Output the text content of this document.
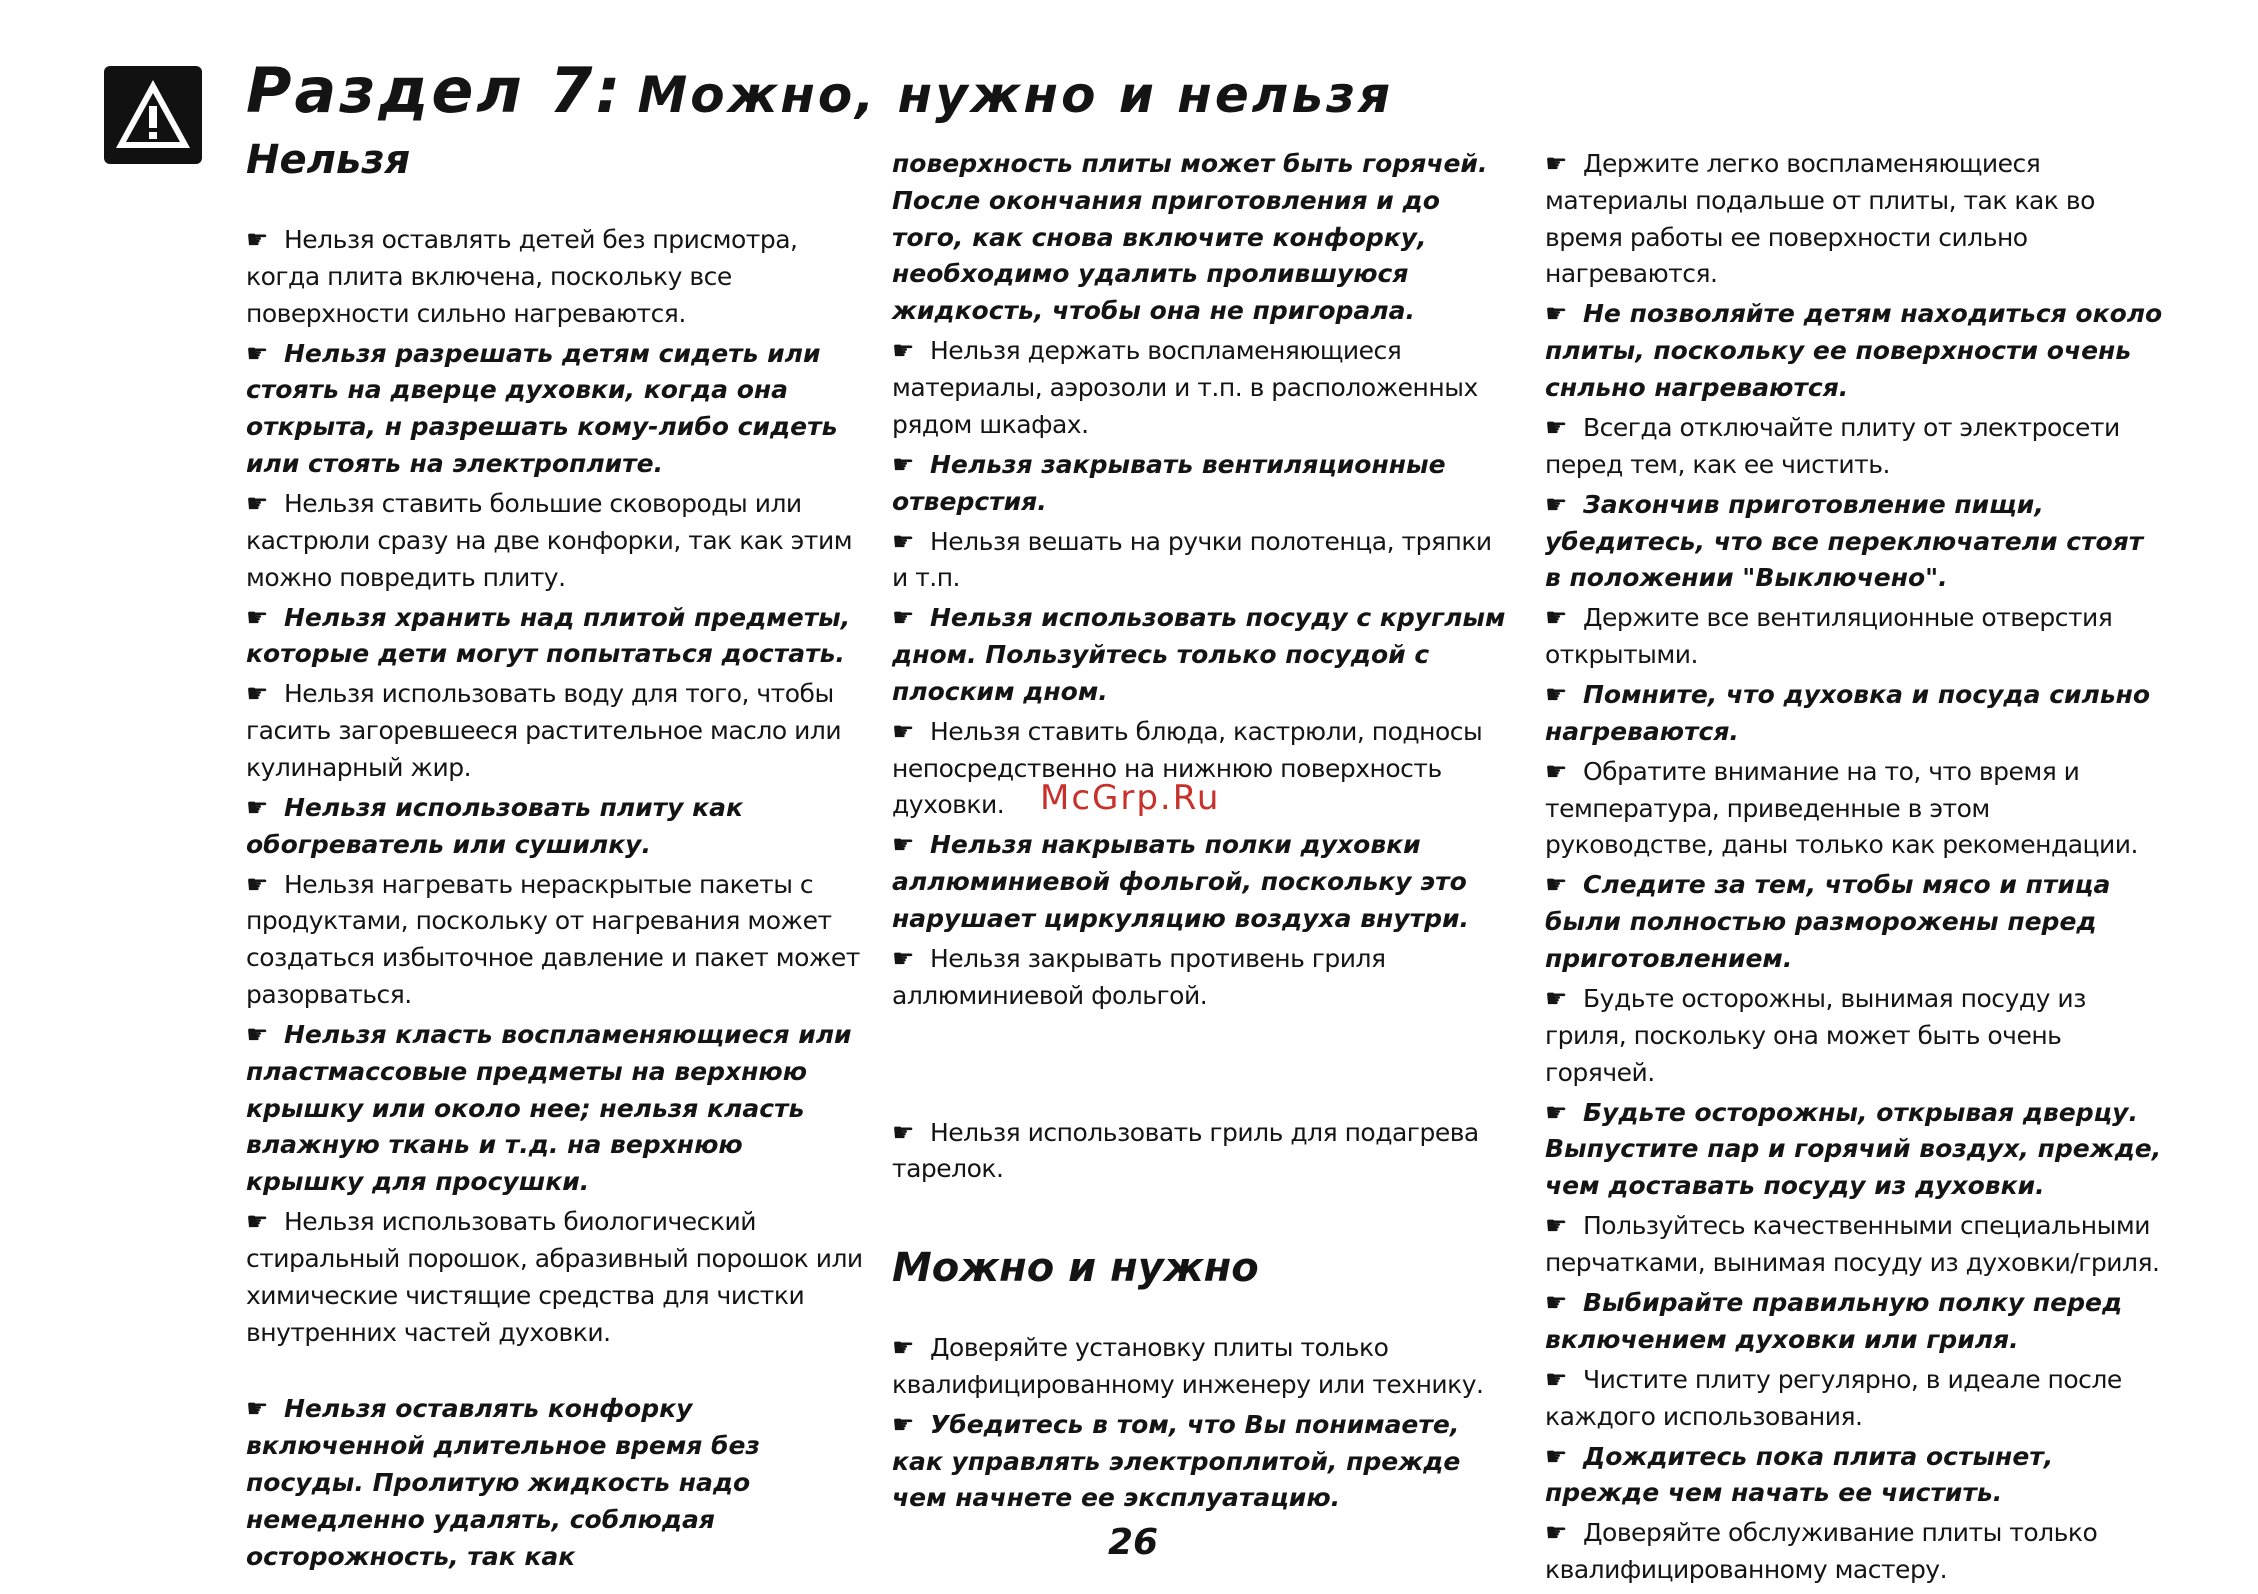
Раздел 7: Можно, нужно и нельзя
Нельзя

☛ Нельзя оставлять детей без присмотра, когда плита включена, поскольку все поверхности сильно нагреваются.

☛ Нельзя разрешать детям сидеть или стоять на дверце духовки, когда она открыта, н разрешать кому-либо сидеть или стоять на электроплите.

☛ Нельзя ставить большие сковороды или кастрюли сразу на две конфорки, так как этим можно повредить плиту.

☛ Нельзя хранить над плитой предметы, которые дети могут попытаться достать.

☛ Нельзя использовать воду для того, чтобы гасить загоревшееся растительное масло или кулинарный жир.

☛ Нельзя использовать плиту как обогреватель или сушилку.

☛ Нельзя нагревать нераскрытые пакеты с продуктами, поскольку от нагревания может создаться избыточное давление и пакет может разорваться.

☛ Нельзя класть воспламеняющиеся или пластмассовые предметы на верхнюю крышку или около нее; нельзя класть влажную ткань и т.д. на верхнюю крышку для просушки.

☛ Нельзя использовать биологический стиральный порошок, абразивный порошок или химические чистящие средства для чистки внутренних частей духовки.

☛ Нельзя оставлять конфорку включенной длительное время без посуды. Пролитую жидкость надо немедленно удалять, соблюдая осторожность, так как

поверхность плиты может быть горячей. После окончания приготовления и до того, как снова включите конфорку, необходимо удалить пролившуюся жидкость, чтобы она не пригорала.

☛ Нельзя держать воспламеняющиеся материалы, аэрозоли и т.п. в расположенных рядом шкафах.

☛ Нельзя закрывать вентиляционные отверстия.

☛ Нельзя вешать на ручки полотенца, тряпки и т.п.

☛ Нельзя использовать посуду с круглым дном. Пользуйтесь только посудой с плоским дном.

☛ Нельзя ставить блюда, кастрюли, подносы непосредственно на нижнюю поверхность духовки.

☛ Нельзя накрывать полки духовки аллюминиевой фольгой, поскольку это нарушает циркуляцию воздуха внутри.

☛ Нельзя закрывать противень гриля аллюминиевой фольгой.

☛ Нельзя использовать гриль для подагрева тарелок.

☛ Держите легко воспламеняющиеся материалы подальше от плиты, так как во время работы ее поверхности сильно нагреваются.

☛ Не позволяйте детям находиться около плиты, поскольку ее поверхности очень снльно нагреваются.

☛ Всегда отключайте плиту от электросети перед тем, как ее чистить.

☛ Закончив приготовление пищи, убедитесь, что все переключатели стоят в положении "Выключено".

☛ Держите все вентиляционные отверстия открытыми.

☛ Помните, что духовка и посуда сильно нагреваются.

☛ Обратите внимание на то, что время и температура, приведенные в этом руководстве, даны только как рекомендации.

☛ Следите за тем, чтобы мясо и птица были полностью разморожены перед приготовлением.

☛ Будьте осторожны, вынимая посуду из гриля, поскольку она может быть очень горячей.

☛ Будьте осторожны, открывая дверцу. Выпустите пар и горячий воздух, прежде, чем доставать посуду из духовки.

☛ Пользуйтесь качественными специальными перчатками, вынимая посуду из духовки/гриля.

☛ Выбирайте правильную полку перед включением духовки или гриля.

☛ Чистите плиту регулярно, в идеале после каждого использования.

☛ Дождитесь пока плита остынет, прежде чем начать ее чистить.

☛ Доверяйте обслуживание плиты только квалифицированному мастеру.

Можно и нужно

☛ Доверяйте установку плиты только квалифицированному инженеру или технику.

☛ Убедитесь в том, что Вы понимаете, как управлять электроплитой, прежде чем начнете ее эксплуатацию.

McGrp.Ru
26
